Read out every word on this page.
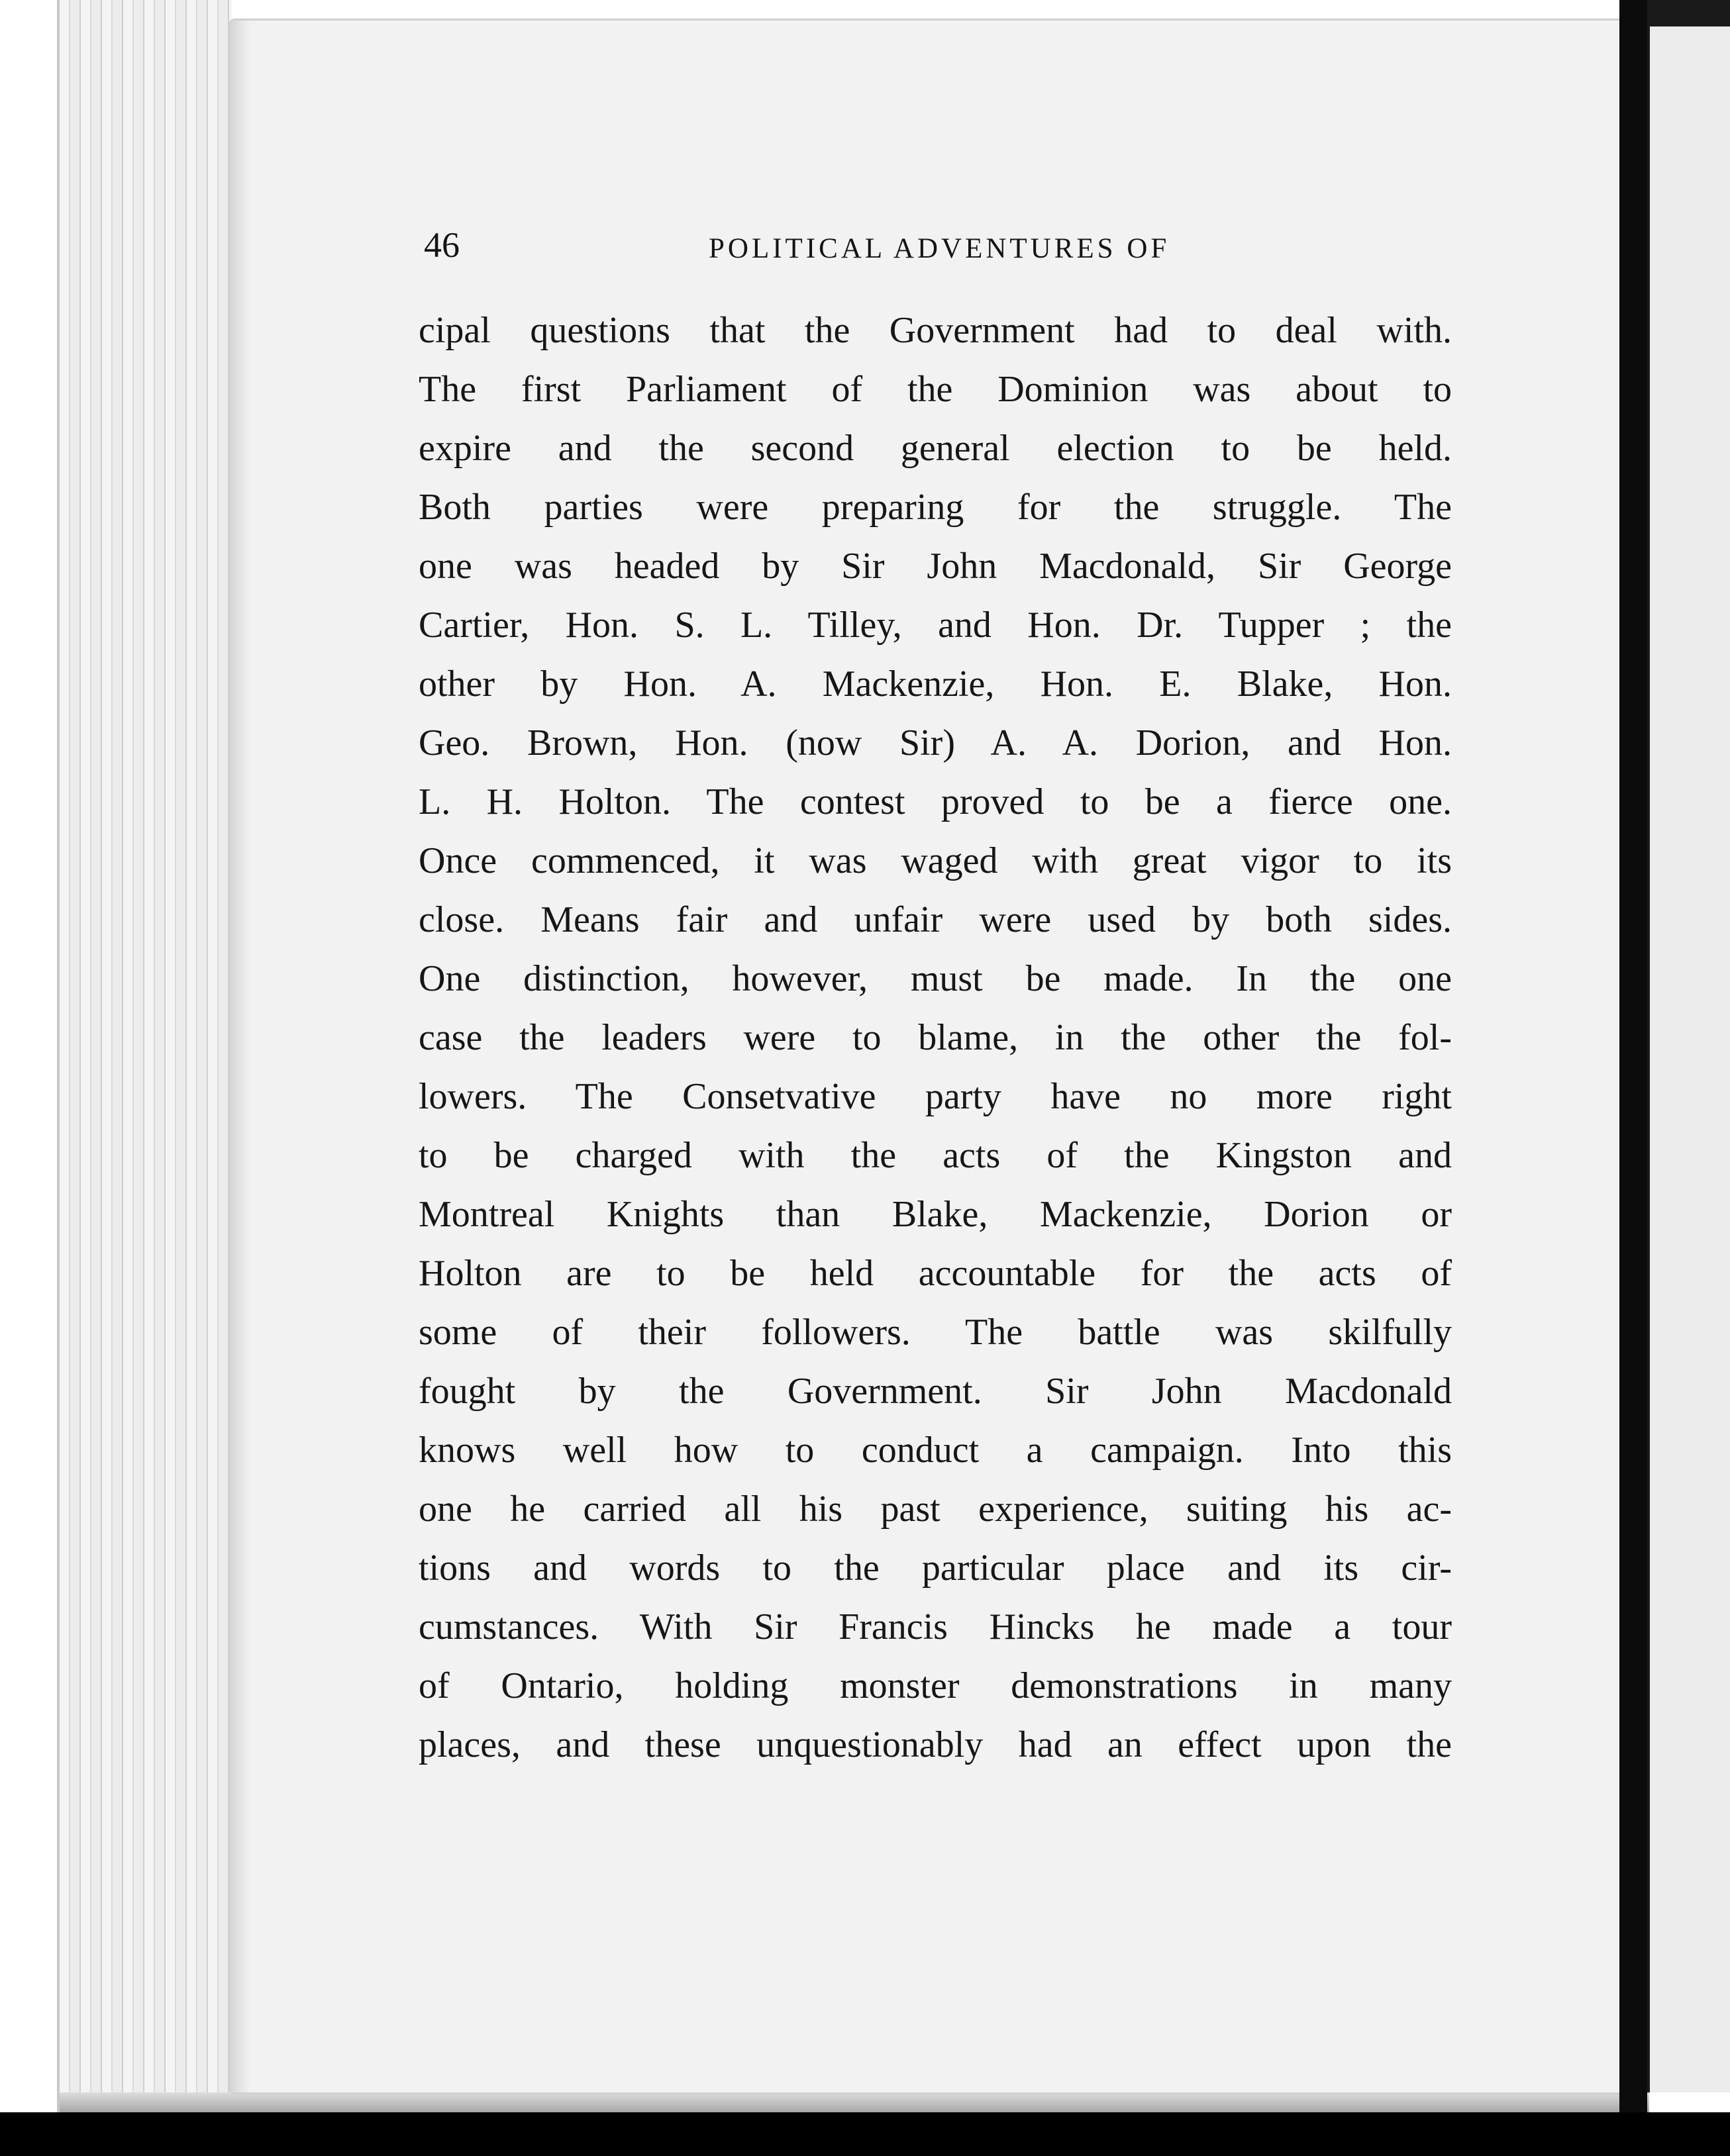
46	POLITICAL ADVENTURES OF
cipal questions that the Government had to deal with.
The first Parliament of the Dominion was about to
expire and the second general election to be held.
Both parties were preparing for the struggle. The
one was headed by Sir John Macdonald, Sir George
Cartier, Hon. S. L. Tilley, and Hon. Dr. Tupper ; the
other by Hon. A. Mackenzie, Hon. E. Blake, Hon.
Geo. Brown, Hon. (now Sir) A. A. Dorion, and Hon.
L. H. Holton. The contest proved to be a fierce one.
Once commenced, it was waged with great vigor to its
close. Means fair and unfair were used by both sides.
One distinction, however, must be made. In the one
case the leaders were to blame, in the other the fol-
lowers. The Consetvative party have no more right
to be charged with the acts of the Kingston and
Montreal Knights than Blake, Mackenzie, Dorion or
Holton are to be held accountable for the acts of
some of their followers. The battle was skilfully
fought by the Government. Sir John Macdonald
knows well how to conduct a campaign. Into this
one he carried all his past experience, suiting his ac-
tions and words to the particular place and its cir-
cumstances. With Sir Francis Hincks he made a tour
of Ontario, holding monster demonstrations in many
places, and these unquestionably had an effect upon the
